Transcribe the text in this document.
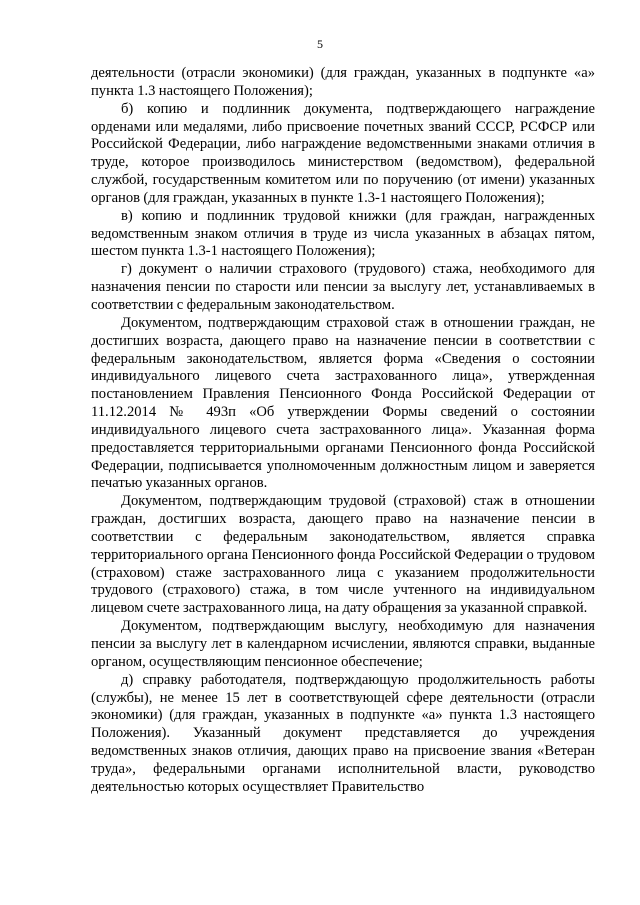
5

деятельности (отрасли экономики) (для граждан, указанных в подпункте «а» пункта 1.3 настоящего Положения);

б) копию и подлинник документа, подтверждающего награждение орденами или медалями, либо присвоение почетных званий СССР, РСФСР или Российской Федерации, либо награждение ведомственными знаками отличия в труде, которое производилось министерством (ведомством), федеральной службой, государственным комитетом или по поручению (от имени) указанных органов (для граждан, указанных в пункте 1.3-1 настоящего Положения);

в) копию и подлинник трудовой книжки (для граждан, награжденных ведомственным знаком отличия в труде из числа указанных в абзацах пятом, шестом пункта 1.3-1 настоящего Положения);

г) документ о наличии страхового (трудового) стажа, необходимого для назначения пенсии по старости или пенсии за выслугу лет, устанавливаемых в соответствии с федеральным законодательством.

Документом, подтверждающим страховой стаж в отношении граждан, не достигших возраста, дающего право на назначение пенсии в соответствии с федеральным законодательством, является форма «Сведения о состоянии индивидуального лицевого счета застрахованного лица», утвержденная постановлением Правления Пенсионного Фонда Российской Федерации от 11.12.2014 № 493п «Об утверждении Формы сведений о состоянии индивидуального лицевого счета застрахованного лица». Указанная форма предоставляется территориальными органами Пенсионного фонда Российской Федерации, подписывается уполномоченным должностным лицом и заверяется печатью указанных органов.

Документом, подтверждающим трудовой (страховой) стаж в отношении граждан, достигших возраста, дающего право на назначение пенсии в соответствии с федеральным законодательством, является справка территориального органа Пенсионного фонда Российской Федерации о трудовом (страховом) стаже застрахованного лица с указанием продолжительности трудового (страхового) стажа, в том числе учтенного на индивидуальном лицевом счете застрахованного лица, на дату обращения за указанной справкой.

Документом, подтверждающим выслугу, необходимую для назначения пенсии за выслугу лет в календарном исчислении, являются справки, выданные органом, осуществляющим пенсионное обеспечение;

д) справку работодателя, подтверждающую продолжительность работы (службы), не менее 15 лет в соответствующей сфере деятельности (отрасли экономики) (для граждан, указанных в подпункте «а» пункта 1.3 настоящего Положения). Указанный документ представляется до учреждения ведомственных знаков отличия, дающих право на присвоение звания «Ветеран труда», федеральными органами исполнительной власти, руководство деятельностью которых осуществляет Правительство
